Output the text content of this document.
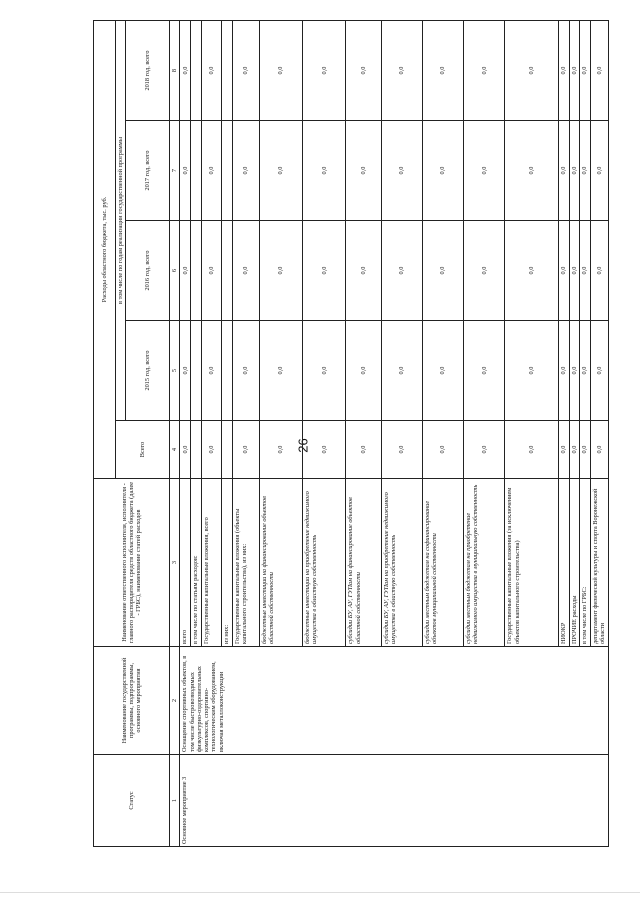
26
Статус	Наименование государственной программы, подпрограммы, основного мероприятия	Наименование ответственного исполнителя, исполнителя - главного распорядителя средств областного бюджета (далее - ГРБС), наименование статей расходов	Расходы областного бюджета, тыс. руб.				
			Всего	в том числе по годам реализации государственной программы			
				2015 год, всего	2016 год, всего	2017 год, всего	2018 год, всего
1	2	3	4	5	6	7	8
Основное мероприятие 3	Оснащение спортивных объектов, в том числе быстровозводимых физкультурно-оздоровительных комплексов, спортивно-технологическим оборудованием, включая металлоконструкции	всего	0,0	0,0	0,0	0,0	0,0
		в том числе по статьям расходов:					
		Государственные капитальные вложения, всего	0,0	0,0	0,0	0,0	0,0
		из них:					
		Государственные капитальные вложения (объекты капитального строительства), из них:	0,0	0,0	0,0	0,0	0,0
		бюджетные инвестиции на финансирование объектов областной собственности	0,0	0,0	0,0	0,0	0,0
		бюджетные инвестиции на приобретение недвижимого имущества в областную собственность	0,0	0,0	0,0	0,0	0,0
		субсидии БУ, АУ, ГУПам на финансирование объектов областной собственности	0,0	0,0	0,0	0,0	0,0
		субсидии БУ, АУ, ГУПам на приобретение недвижимого имущества в областную собственность	0,0	0,0	0,0	0,0	0,0
		субсидии местным бюджетам на софинансирование объектов муниципальной собственности	0,0	0,0	0,0	0,0	0,0
		субсидии местным бюджетам на приобретение недвижимого имущества в муниципальную собственность	0,0	0,0	0,0	0,0	0,0
		Государственные капитальные вложения (за исключением объектов капитального строительства)	0,0	0,0	0,0	0,0	0,0
		НИОКР	0,0	0,0	0,0	0,0	0,0
		ПРОЧИЕ расходы	0,0	0,0	0,0	0,0	0,0
		в том числе по ГРБС:	0,0	0,0	0,0	0,0	0,0
		департамент физической культуры и спорта Воронежской области	0,0	0,0	0,0	0,0	0,0
